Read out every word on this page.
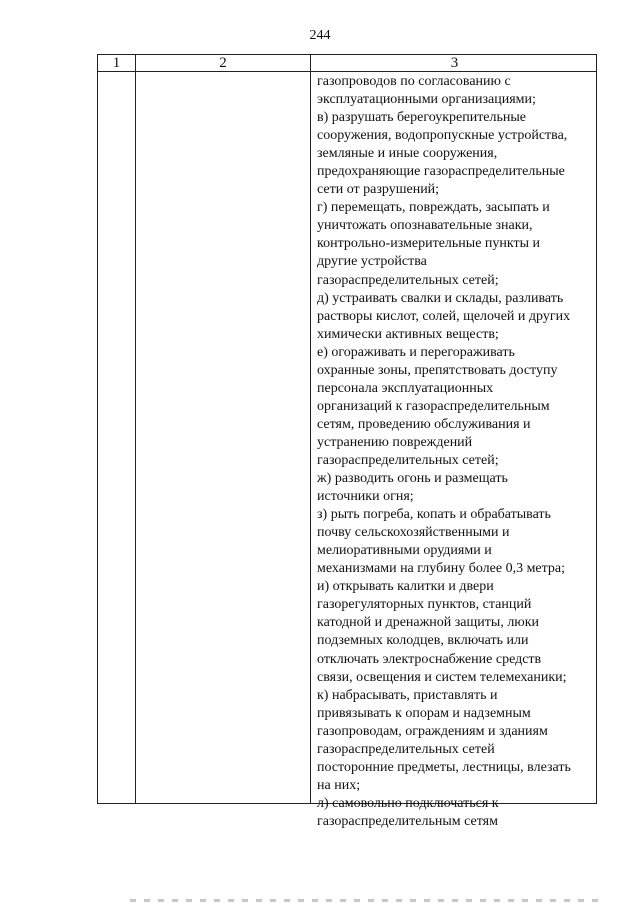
244
1	2	3
газопроводов по согласованию с
эксплуатационными организациями;
в) разрушать берегоукрепительные
сооружения, водопропускные устройства,
земляные и иные сооружения,
предохраняющие газораспределительные
сети от разрушений;
г) перемещать, повреждать, засыпать и
уничтожать опознавательные знаки,
контрольно-измерительные пункты и
другие устройства
газораспределительных сетей;
д) устраивать свалки и склады, разливать
растворы кислот, солей, щелочей и других
химически активных веществ;
е) огораживать и перегораживать
охранные зоны, препятствовать доступу
персонала эксплуатационных
организаций к газораспределительным
сетям, проведению обслуживания и
устранению повреждений
газораспределительных сетей;
ж) разводить огонь и размещать
источники огня;
з) рыть погреба, копать и обрабатывать
почву сельскохозяйственными и
мелиоративными орудиями и
механизмами на глубину более 0,3 метра;
и) открывать калитки и двери
газорегуляторных пунктов, станций
катодной и дренажной защиты, люки
подземных колодцев, включать или
отключать электроснабжение средств
связи, освещения и систем телемеханики;
к) набрасывать, приставлять и
привязывать к опорам и надземным
газопроводам, ограждениям и зданиям
газораспределительных сетей
посторонние предметы, лестницы, влезать
на них;
л) самовольно подключаться к
газораспределительным сетям
